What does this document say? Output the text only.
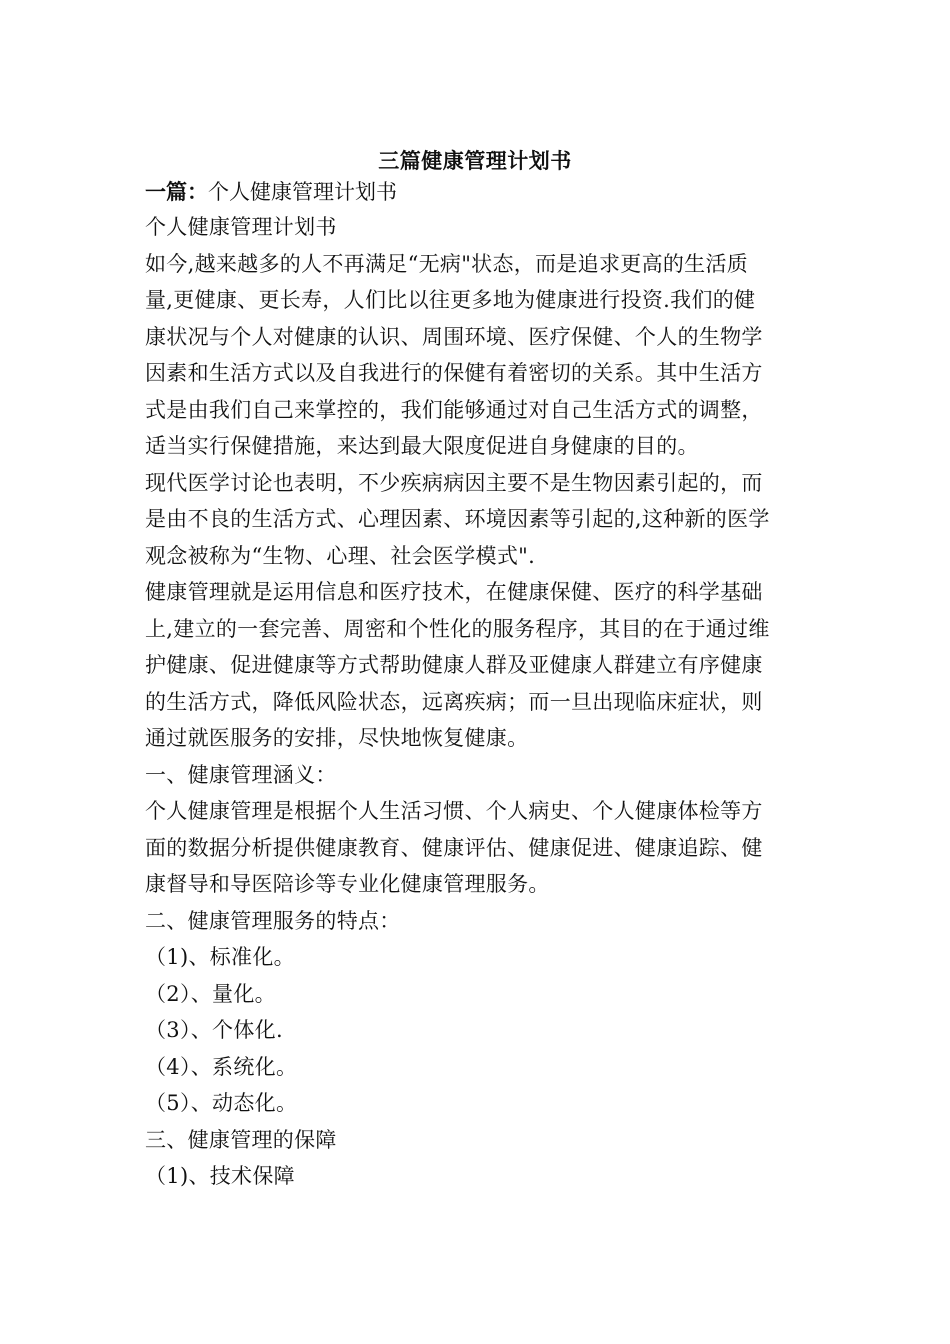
三篇健康管理计划书
一篇：个人健康管理计划书

个人健康管理计划书

如今,越来越多的人不再满足“无病"状态，而是追求更高的生活质

量,更健康、更长寿，人们比以往更多地为健康进行投资.我们的健

康状况与个人对健康的认识、周围环境、医疗保健、个人的生物学

因素和生活方式以及自我进行的保健有着密切的关系。其中生活方

式是由我们自己来掌控的，我们能够通过对自己生活方式的调整，

适当实行保健措施，来达到最大限度促进自身健康的目的。

现代医学讨论也表明，不少疾病病因主要不是生物因素引起的，而

是由不良的生活方式、心理因素、环境因素等引起的,这种新的医学

观念被称为“生物、心理、社会医学模式".

健康管理就是运用信息和医疗技术，在健康保健、医疗的科学基础

上,建立的一套完善、周密和个性化的服务程序，其目的在于通过维

护健康、促进健康等方式帮助健康人群及亚健康人群建立有序健康

的生活方式，降低风险状态，远离疾病；而一旦出现临床症状，则

通过就医服务的安排，尽快地恢复健康。

一、健康管理涵义：

个人健康管理是根据个人生活习惯、个人病史、个人健康体检等方

面的数据分析提供健康教育、健康评估、健康促进、健康追踪、健

康督导和导医陪诊等专业化健康管理服务。

二、健康管理服务的特点：

（1)、标准化。

（2）、量化。

（3）、个体化.

（4）、系统化。

（5）、动态化。

三、健康管理的保障

（1)、技术保障
